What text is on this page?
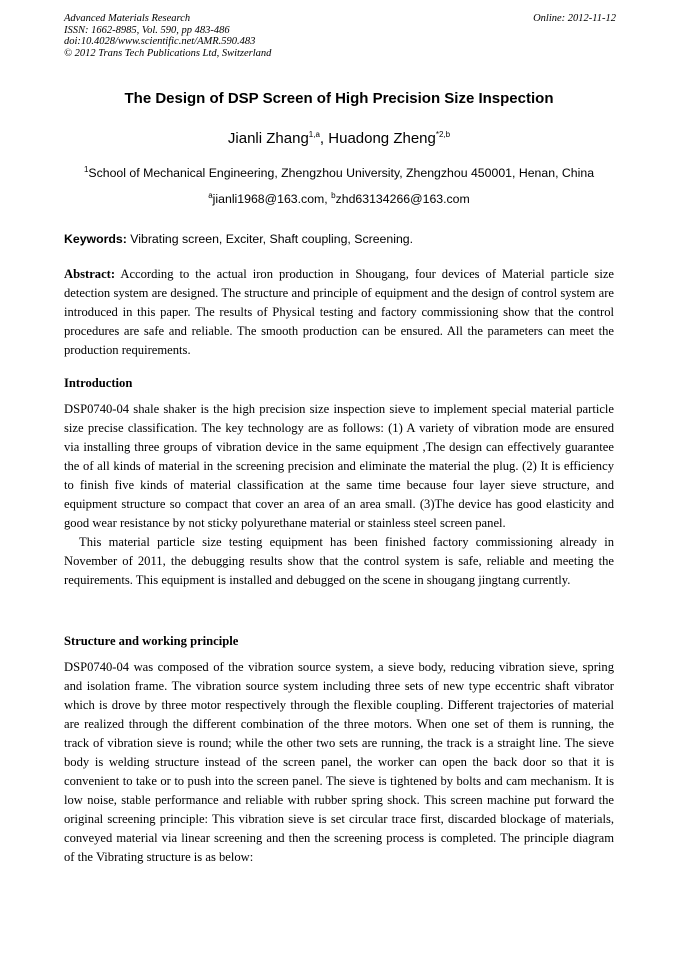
Advanced Materials Research
ISSN: 1662-8985, Vol. 590, pp 483-486
doi:10.4028/www.scientific.net/AMR.590.483
© 2012 Trans Tech Publications Ltd, Switzerland
Online: 2012-11-12
The Design of DSP Screen of High Precision Size Inspection
Jianli Zhang$^{1,a}$, Huadong Zheng$^{*2,b}$
$^1$School of Mechanical Engineering, Zhengzhou University, Zhengzhou 450001, Henan, China
$^a$jianli1968@163.com, $^b$zhd63134266@163.com
Keywords: Vibrating screen, Exciter, Shaft coupling, Screening.

Abstract: According to the actual iron production in Shougang, four devices of Material particle size detection system are designed. The structure and principle of equipment and the design of control system are introduced in this paper. The results of Physical testing and factory commissioning show that the control procedures are safe and reliable. The smooth production can be ensured. All the parameters can meet the production requirements.

Introduction

DSP0740-04 shale shaker is the high precision size inspection sieve to implement special material particle size precise classification. The key technology are as follows: (1) A variety of vibration mode are ensured via installing three groups of vibration device in the same equipment ,The design can effectively guarantee the of all kinds of material in the screening precision and eliminate the material the plug. (2) It is efficiency to finish five kinds of material classification at the same time because four layer sieve structure, and equipment structure so compact that cover an area of an area small. (3)The device has good elasticity and good wear resistance by not sticky polyurethane material or stainless steel screen panel.

This material particle size testing equipment has been finished factory commissioning already in November of 2011, the debugging results show that the control system is safe, reliable and meeting the requirements. This equipment is installed and debugged on the scene in shougang jingtang currently.

Structure and working principle

DSP0740-04 was composed of the vibration source system, a sieve body, reducing vibration sieve, spring and isolation frame. The vibration source system including three sets of new type eccentric shaft vibrator which is drove by three motor respectively through the flexible coupling. Different trajectories of material are realized through the different combination of the three motors. When one set of them is running, the track of vibration sieve is round; while the other two sets are running, the track is a straight line. The sieve body is welding structure instead of the screen panel, the worker can open the back door so that it is convenient to take or to push into the screen panel. The sieve is tightened by bolts and cam mechanism. It is low noise, stable performance and reliable with rubber spring shock. This screen machine put forward the original screening principle: This vibration sieve is set circular trace first, discarded blockage of materials, conveyed material via linear screening and then the screening process is completed. The principle diagram of the Vibrating structure is as below:
